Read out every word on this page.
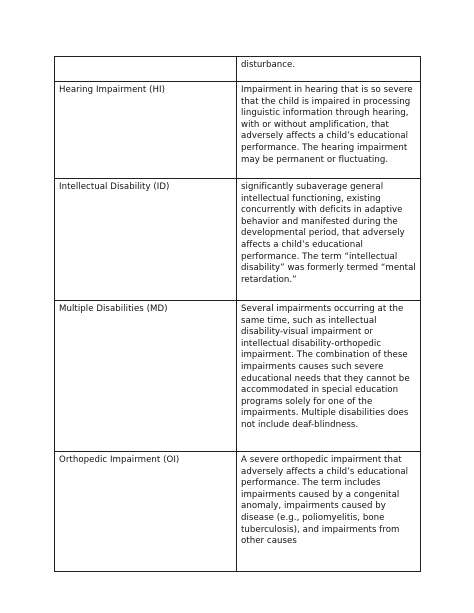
	disturbance.
Hearing Impairment (HI)	Impairment in hearing that is so severe that the child is impaired in processing linguistic information through hearing, with or without amplification, that adversely affects a child’s educational performance. The hearing impairment may be permanent or fluctuating.
Intellectual Disability (ID)	significantly subaverage general intellectual functioning, existing concurrently with deficits in adaptive behavior and manifested during the developmental period, that adversely affects a child’s educational performance. The term “intellectual disability” was formerly termed “mental retardation.”
Multiple Disabilities (MD)	Several impairments occurring at the same time, such as intellectual disability-visual impairment or intellectual disability-orthopedic impairment. The combination of these impairments causes such severe educational needs that they cannot be accommodated in special education programs solely for one of the impairments. Multiple disabilities does not include deaf-blindness.
Orthopedic Impairment (OI)	A severe orthopedic impairment that adversely affects a child’s educational performance. The term includes impairments caused by a congenital anomaly, impairments caused by disease (e.g., poliomyelitis, bone tuberculosis), and impairments from other causes
